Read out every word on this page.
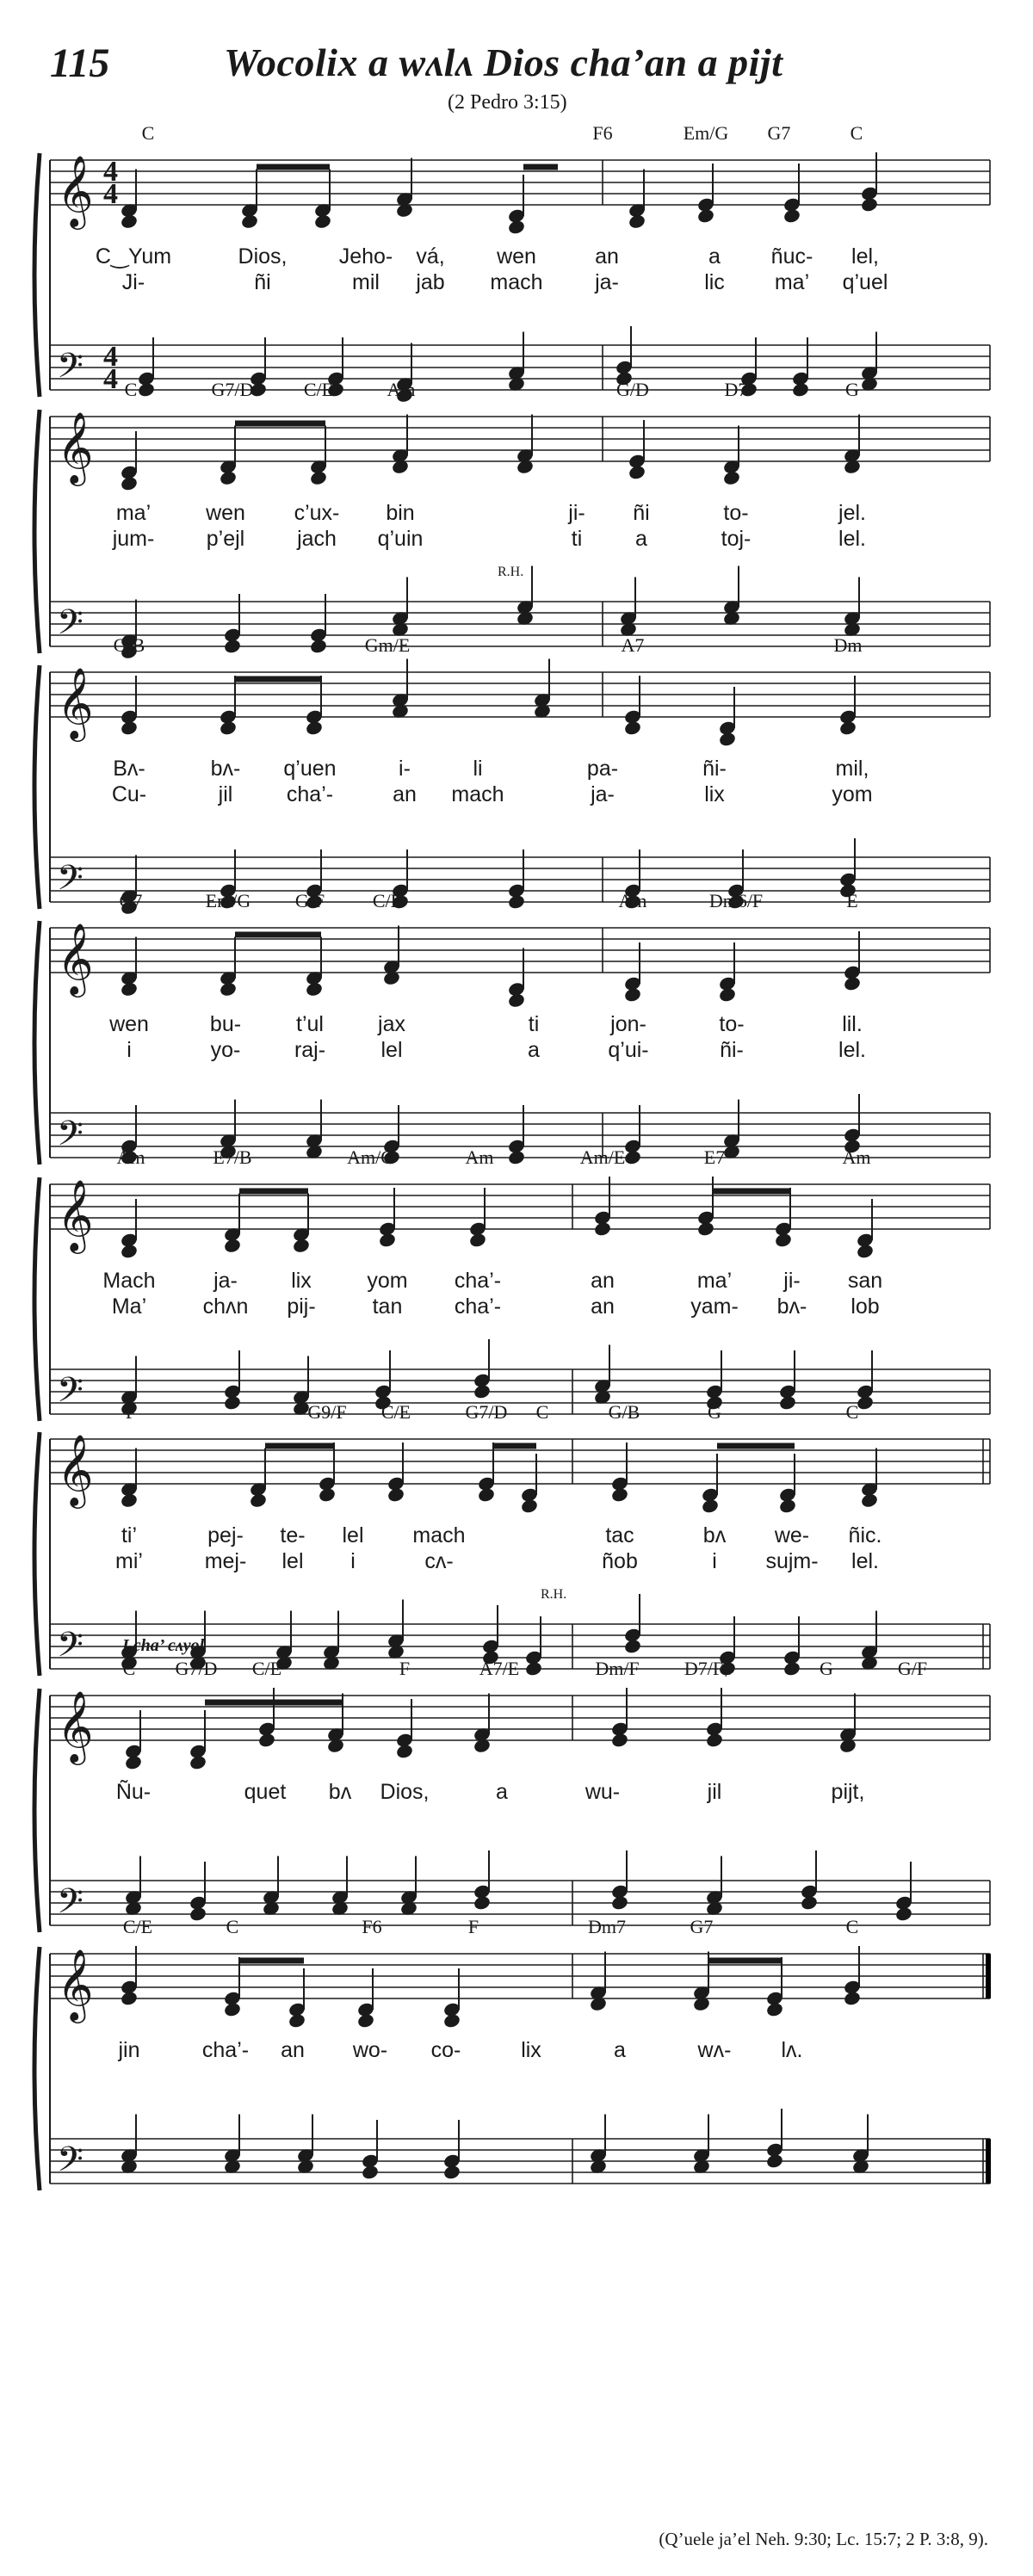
115	Wocolix a wʌlʌ Dios cha’an a pijt
(2 Pedro 3:15)
𝄞
𝄢
4
4
4
4
C	F6	Em/G G7	C
C‿Yum	Dios, Jeho- vá, wen	an	a ñuc- lel,
Ji-	ñi	mil jab mach ja-	lic ma’ q’uel
𝄞
𝄢
C	G7/D	C/E	Am	G/D	D7	G
ma’	wen c’ux- bin	ji- ñi	to-	jel.
jum- p’ejl jach q’uin	ti a	toj-	lel.
R.H.
𝄞
𝄢
G/B	Gm/E	A7	Dm
Bʌ-	bʌ- q’uen	i-	li	pa-	ñi-	mil,
Cu-	jil	cha’-	an mach	ja-	lix	yom
𝄞
𝄢
G7	Em/G G/F	C/E	Am	Dm6/F	E
wen	bu-	t’ul	jax	ti	jon-	to-	lil.
i	yo-	raj-	lel	a	q’ui-	ñi-	lel.
𝄞
𝄢
Am	E7/B	Am/C	Am	Am/E	E7	Am
Mach	ja- lix	yom cha’-	an	ma’ ji- san
Ma’	chʌn pij-	tan cha’-	an	yam- bʌ- lob
𝄞
𝄢
F	G9/F C/E	G7/D C	G/B	G	C
ti’	pej- te- lel mach	tac	bʌ we- ñic.
mi’	mej- lel i	cʌ-	ñob	i sujm- lel.
R.H.
𝄞
𝄢
C G7/D C/E	F	A7/E	Dm/F D7/F♯	G	G/F
Ñu-	quet bʌ Dios,	a	wu-	jil	pijt,
I cha’ cʌyol
𝄞
𝄢
C/E	C	F6	F	Dm7	G7	C
jin	cha’- an wo- co-	lix	a	wʌ- lʌ.
(Q’uele ja’el Neh. 9:30; Lc. 15:7; 2 P. 3:8, 9).
